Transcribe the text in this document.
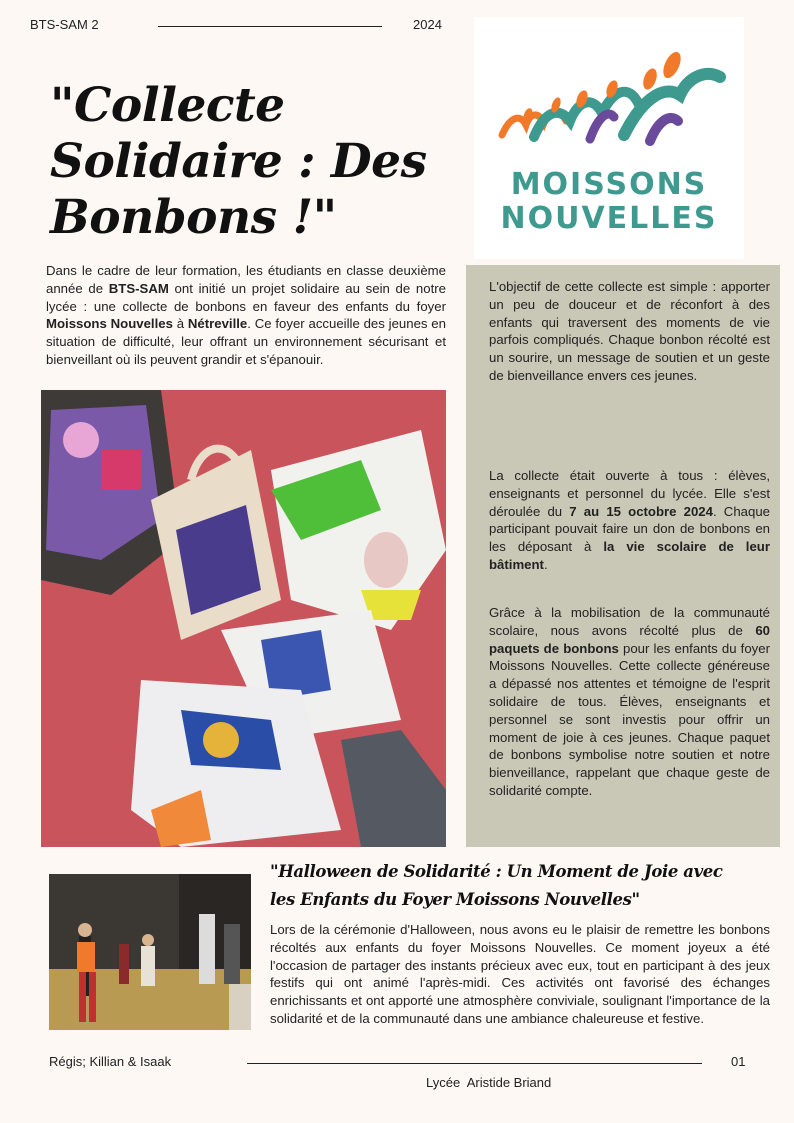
BTS-SAM 2	2024
"Collecte Solidaire : Des Bonbons !"
MOISSONS
NOUVELLES
Dans le cadre de leur formation, les étudiants en classe deuxième année de BTS-SAM ont initié un projet solidaire au sein de notre lycée : une collecte de bonbons en faveur des enfants du foyer Moissons Nouvelles à Nétreville. Ce foyer accueille des jeunes en situation de difficulté, leur offrant un environnement sécurisant et bienveillant où ils peuvent grandir et s'épanouir.
L'objectif de cette collecte est simple : apporter un peu de douceur et de réconfort à des enfants qui traversent des moments de vie parfois compliqués. Chaque bonbon récolté est un sourire, un message de soutien et un geste de bienveillance envers ces jeunes.
La collecte était ouverte à tous : élèves, enseignants et personnel du lycée. Elle s'est déroulée du 7 au 15 octobre 2024. Chaque participant pouvait faire un don de bonbons en les déposant à la vie scolaire de leur bâtiment.
Grâce à la mobilisation de la communauté scolaire, nous avons récolté plus de 60 paquets de bonbons pour les enfants du foyer Moissons Nouvelles. Cette collecte généreuse a dépassé nos attentes et témoigne de l'esprit solidaire de tous. Élèves, enseignants et personnel se sont investis pour offrir un moment de joie à ces jeunes. Chaque paquet de bonbons symbolise notre soutien et notre bienveillance, rappelant que chaque geste de solidarité compte.
"Halloween de Solidarité : Un Moment de Joie avec les Enfants du Foyer Moissons Nouvelles"
Lors de la cérémonie d'Halloween, nous avons eu le plaisir de remettre les bonbons récoltés aux enfants du foyer Moissons Nouvelles. Ce moment joyeux a été l'occasion de partager des instants précieux avec eux, tout en participant à des jeux festifs qui ont animé l'après-midi. Ces activités ont favorisé des échanges enrichissants et ont apporté une atmosphère conviviale, soulignant l'importance de la solidarité et de la communauté dans une ambiance chaleureuse et festive.
Régis; Killian & Isaak	01
Lycée  Aristide Briand
